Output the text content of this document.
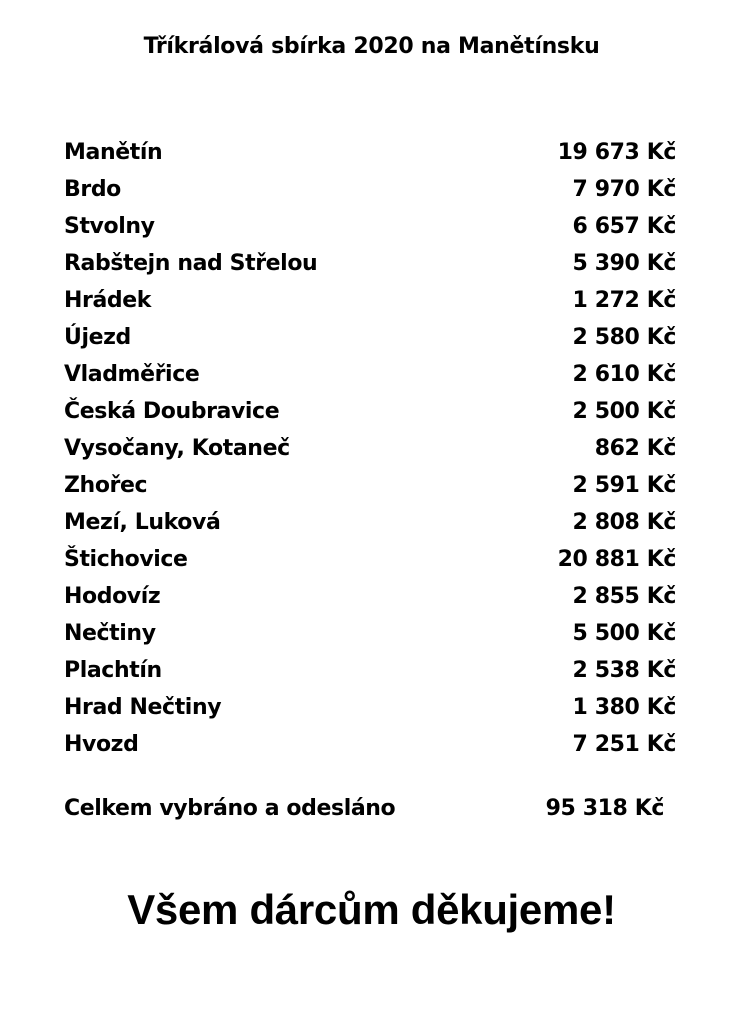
Tříkrálová sbírka 2020 na Manětínsku
Manětín	19 673 Kč
Brdo	7 970 Kč
Stvolny	6 657 Kč
Rabštejn nad Střelou	5 390 Kč
Hrádek	1 272 Kč
Újezd	2 580 Kč
Vladměřice	2 610 Kč
Česká Doubravice	2 500 Kč
Vysočany, Kotaneč	862 Kč
Zhořec	2 591 Kč
Mezí, Luková	2 808 Kč
Štichovice	20 881 Kč
Hodovíz	2 855 Kč
Nečtiny	5 500 Kč
Plachtín	2 538 Kč
Hrad Nečtiny	1 380 Kč
Hvozd	7 251 Kč
Celkem vybráno a odesláno	95 318 Kč
Všem dárcům děkujeme!
